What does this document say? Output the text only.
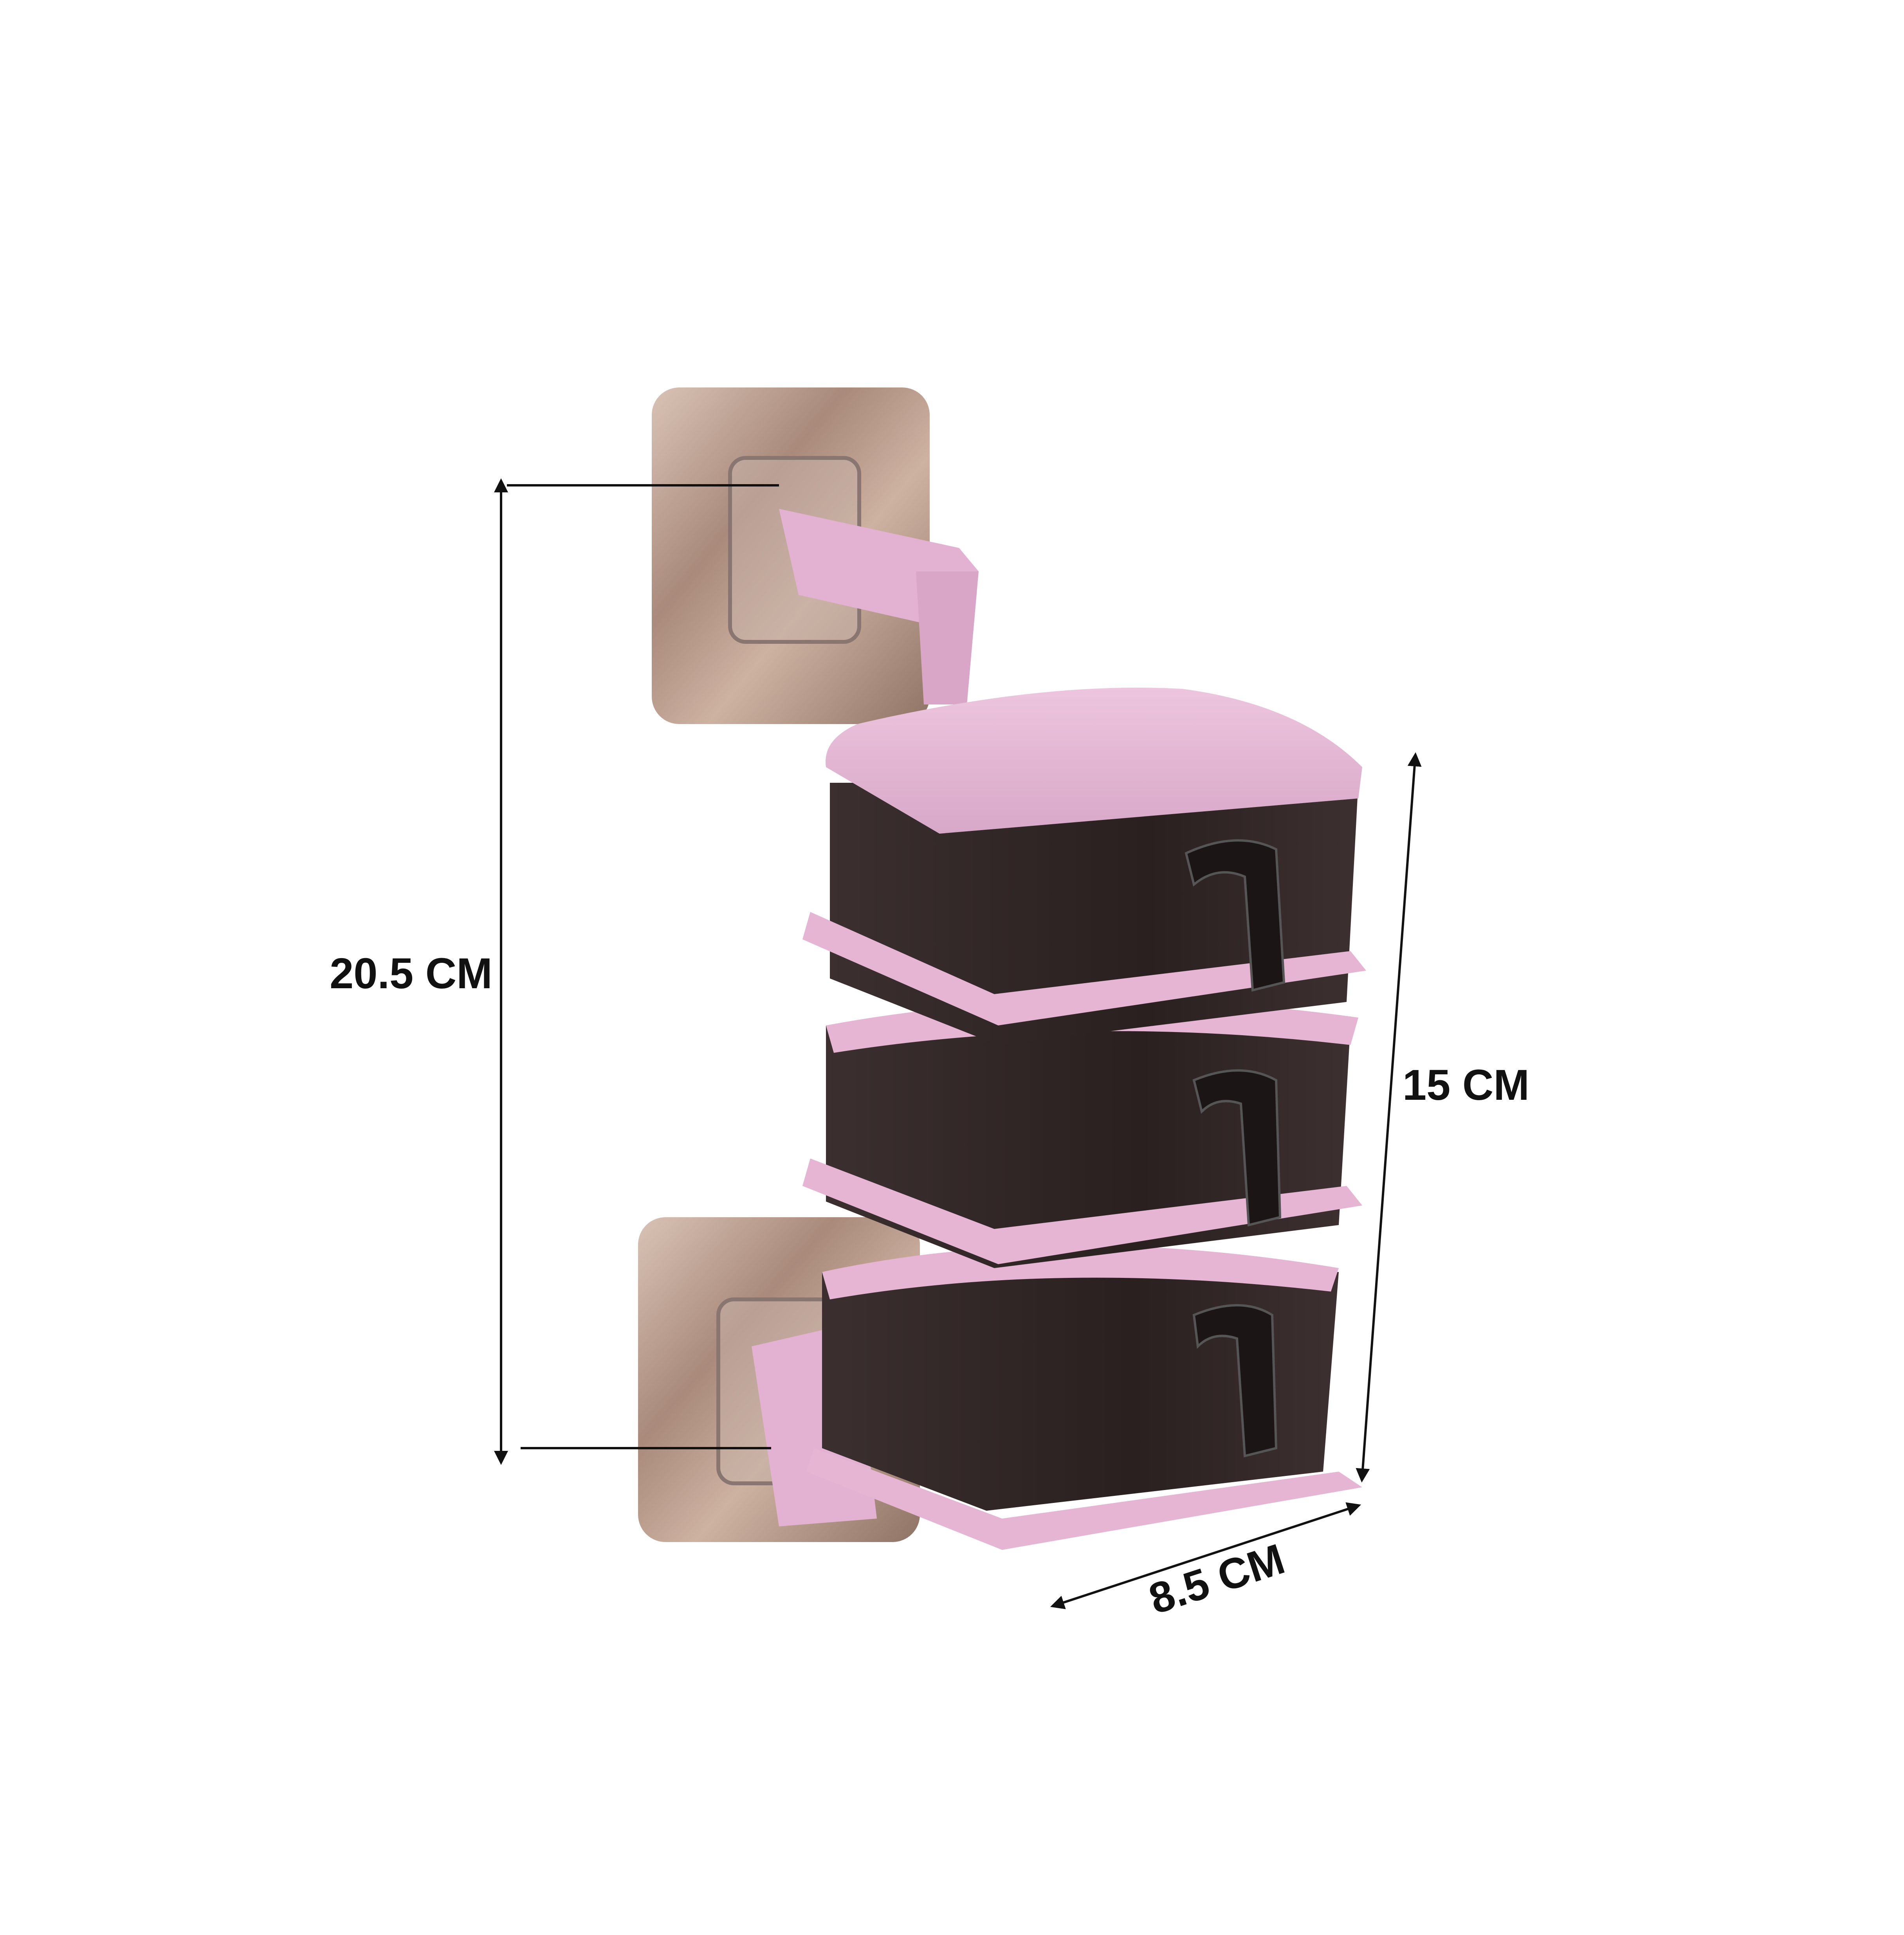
20.5 CM
15 CM
8.5 CM
